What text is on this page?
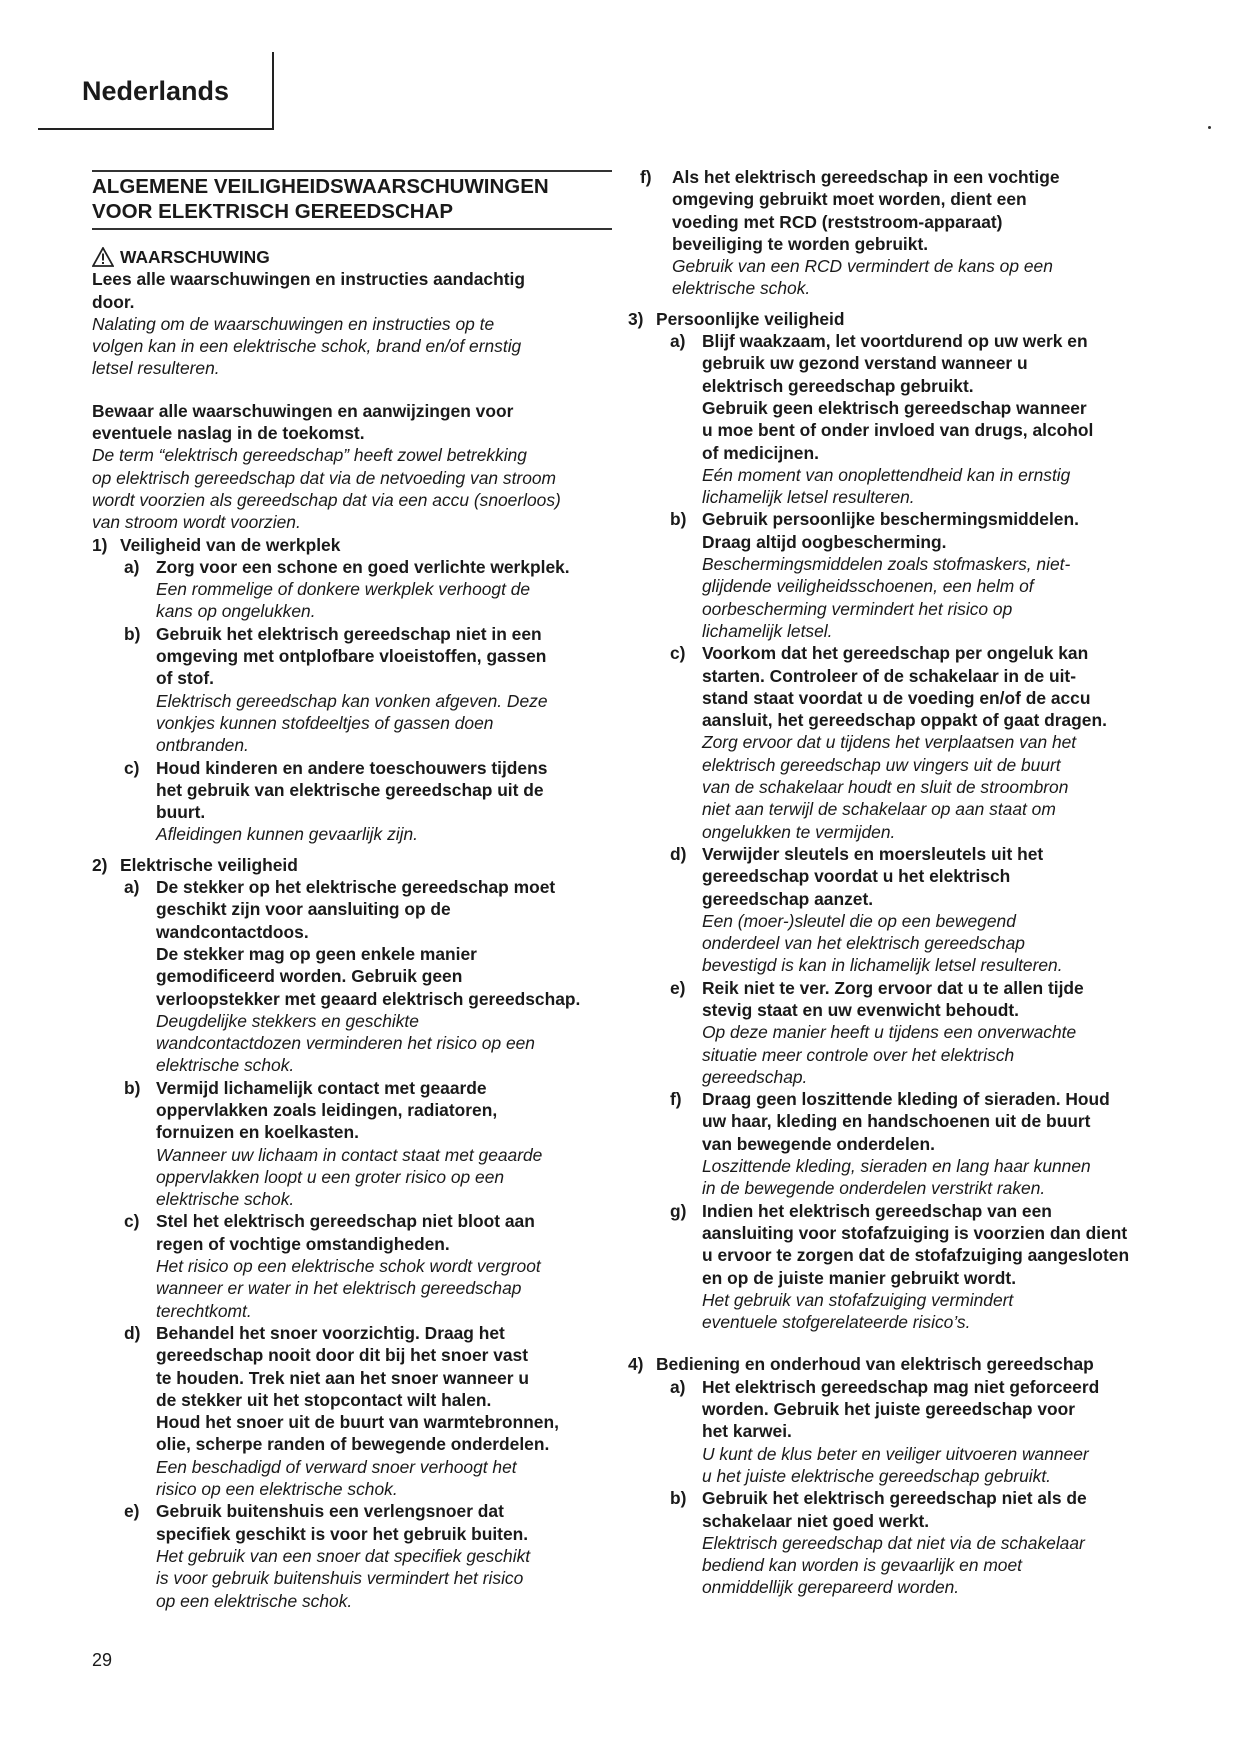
Nederlands
ALGEMENE VEILIGHEIDSWAARSCHUWINGEN
VOOR ELEKTRISCH GEREEDSCHAP
WAARSCHUWING
Lees alle waarschuwingen en instructies aandachtig
door.
Nalating om de waarschuwingen en instructies op te
volgen kan in een elektrische schok, brand en/of ernstig
letsel resulteren.
Bewaar alle waarschuwingen en aanwijzingen voor
eventuele naslag in de toekomst.
De term “elektrisch gereedschap” heeft zowel betrekking
op elektrisch gereedschap dat via de netvoeding van stroom
wordt voorzien als gereedschap dat via een accu (snoerloos)
van stroom wordt voorzien.
1) Veiligheid van de werkplek
a) Zorg voor een schone en goed verlichte werkplek.
Een rommelige of donkere werkplek verhoogt de
kans op ongelukken.
b) Gebruik het elektrisch gereedschap niet in een
omgeving met ontplofbare vloeistoffen, gassen
of stof.
Elektrisch gereedschap kan vonken afgeven. Deze
vonkjes kunnen stofdeeltjes of gassen doen
ontbranden.
c) Houd kinderen en andere toeschouwers tijdens
het gebruik van elektrische gereedschap uit de
buurt.
Afleidingen kunnen gevaarlijk zijn.
2) Elektrische veiligheid
a) De stekker op het elektrische gereedschap moet
geschikt zijn voor aansluiting op de
wandcontactdoos.
De stekker mag op geen enkele manier
gemodificeerd worden. Gebruik geen
verloopstekker met geaard elektrisch gereedschap.
Deugdelijke stekkers en geschikte
wandcontactdozen verminderen het risico op een
elektrische schok.
b) Vermijd lichamelijk contact met geaarde
oppervlakken zoals leidingen, radiatoren,
fornuizen en koelkasten.
Wanneer uw lichaam in contact staat met geaarde
oppervlakken loopt u een groter risico op een
elektrische schok.
c) Stel het elektrisch gereedschap niet bloot aan
regen of vochtige omstandigheden.
Het risico op een elektrische schok wordt vergroot
wanneer er water in het elektrisch gereedschap
terechtkomt.
d) Behandel het snoer voorzichtig. Draag het
gereedschap nooit door dit bij het snoer vast
te houden. Trek niet aan het snoer wanneer u
de stekker uit het stopcontact wilt halen.
Houd het snoer uit de buurt van warmtebronnen,
olie, scherpe randen of bewegende onderdelen.
Een beschadigd of verward snoer verhoogt het
risico op een elektrische schok.
e) Gebruik buitenshuis een verlengsnoer dat
specifiek geschikt is voor het gebruik buiten.
Het gebruik van een snoer dat specifiek geschikt
is voor gebruik buitenshuis vermindert het risico
op een elektrische schok.
f) Als het elektrisch gereedschap in een vochtige
omgeving gebruikt moet worden, dient een
voeding met RCD (reststroom-apparaat)
beveiliging te worden gebruikt.
Gebruik van een RCD vermindert de kans op een
elektrische schok.
3) Persoonlijke veiligheid
a) Blijf waakzaam, let voortdurend op uw werk en
gebruik uw gezond verstand wanneer u
elektrisch gereedschap gebruikt.
Gebruik geen elektrisch gereedschap wanneer
u moe bent of onder invloed van drugs, alcohol
of medicijnen.
Eén moment van onoplettendheid kan in ernstig
lichamelijk letsel resulteren.
b) Gebruik persoonlijke beschermingsmiddelen.
Draag altijd oogbescherming.
Beschermingsmiddelen zoals stofmaskers, niet-
glijdende veiligheidsschoenen, een helm of
oorbescherming vermindert het risico op
lichamelijk letsel.
c) Voorkom dat het gereedschap per ongeluk kan
starten. Controleer of de schakelaar in de uit-
stand staat voordat u de voeding en/of de accu
aansluit, het gereedschap oppakt of gaat dragen.
Zorg ervoor dat u tijdens het verplaatsen van het
elektrisch gereedschap uw vingers uit de buurt
van de schakelaar houdt en sluit de stroombron
niet aan terwijl de schakelaar op aan staat om
ongelukken te vermijden.
d) Verwijder sleutels en moersleutels uit het
gereedschap voordat u het elektrisch
gereedschap aanzet.
Een (moer-)sleutel die op een bewegend
onderdeel van het elektrisch gereedschap
bevestigd is kan in lichamelijk letsel resulteren.
e) Reik niet te ver. Zorg ervoor dat u te allen tijde
stevig staat en uw evenwicht behoudt.
Op deze manier heeft u tijdens een onverwachte
situatie meer controle over het elektrisch
gereedschap.
f) Draag geen loszittende kleding of sieraden. Houd
uw haar, kleding en handschoenen uit de buurt
van bewegende onderdelen.
Loszittende kleding, sieraden en lang haar kunnen
in de bewegende onderdelen verstrikt raken.
g) Indien het elektrisch gereedschap van een
aansluiting voor stofafzuiging is voorzien dan dient
u ervoor te zorgen dat de stofafzuiging aangesloten
en op de juiste manier gebruikt wordt.
Het gebruik van stofafzuiging vermindert
eventuele stofgerelateerde risico’s.
4) Bediening en onderhoud van elektrisch gereedschap
a) Het elektrisch gereedschap mag niet geforceerd
worden. Gebruik het juiste gereedschap voor
het karwei.
U kunt de klus beter en veiliger uitvoeren wanneer
u het juiste elektrische gereedschap gebruikt.
b) Gebruik het elektrisch gereedschap niet als de
schakelaar niet goed werkt.
Elektrisch gereedschap dat niet via de schakelaar
bediend kan worden is gevaarlijk en moet
onmiddellijk gerepareerd worden.
29
